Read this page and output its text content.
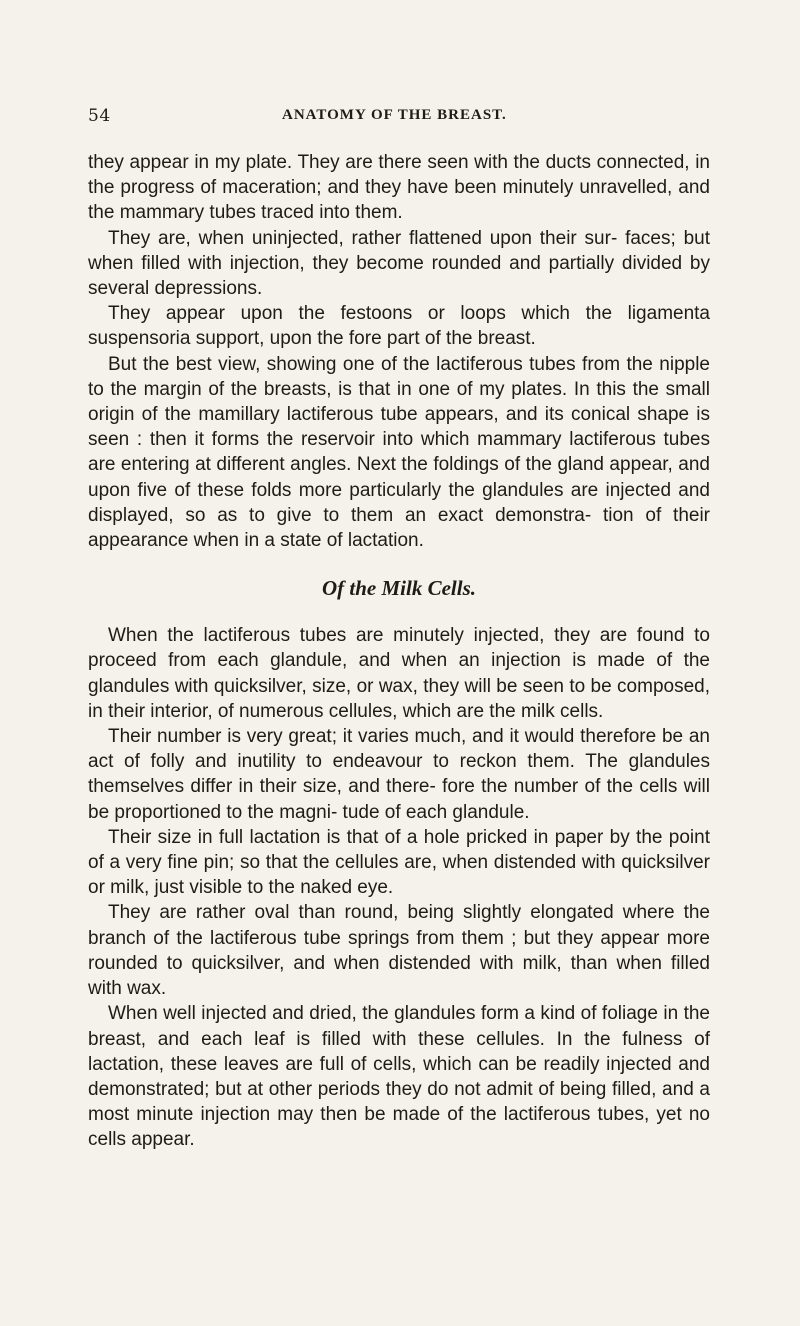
54	ANATOMY OF THE BREAST.

they appear in my plate. They are there seen with the ducts connected, in the progress of maceration; and they have been minutely unravelled, and the mammary tubes traced into them.

They are, when uninjected, rather flattened upon their sur- faces; but when filled with injection, they become rounded and partially divided by several depressions.

They appear upon the festoons or loops which the ligamenta suspensoria support, upon the fore part of the breast.

But the best view, showing one of the lactiferous tubes from the nipple to the margin of the breasts, is that in one of my plates. In this the small origin of the mamillary lactiferous tube appears, and its conical shape is seen : then it forms the reservoir into which mammary lactiferous tubes are entering at different angles. Next the foldings of the gland appear, and upon five of these folds more particularly the glandules are injected and displayed, so as to give to them an exact demonstra- tion of their appearance when in a state of lactation.

Of the Milk Cells.

When the lactiferous tubes are minutely injected, they are found to proceed from each glandule, and when an injection is made of the glandules with quicksilver, size, or wax, they will be seen to be composed, in their interior, of numerous cellules, which are the milk cells.

Their number is very great; it varies much, and it would therefore be an act of folly and inutility to endeavour to reckon them. The glandules themselves differ in their size, and there- fore the number of the cells will be proportioned to the magni- tude of each glandule.

Their size in full lactation is that of a hole pricked in paper by the point of a very fine pin; so that the cellules are, when distended with quicksilver or milk, just visible to the naked eye.

They are rather oval than round, being slightly elongated where the branch of the lactiferous tube springs from them ; but they appear more rounded to quicksilver, and when distended with milk, than when filled with wax.

When well injected and dried, the glandules form a kind of foliage in the breast, and each leaf is filled with these cellules. In the fulness of lactation, these leaves are full of cells, which can be readily injected and demonstrated; but at other periods they do not admit of being filled, and a most minute injection may then be made of the lactiferous tubes, yet no cells appear.
